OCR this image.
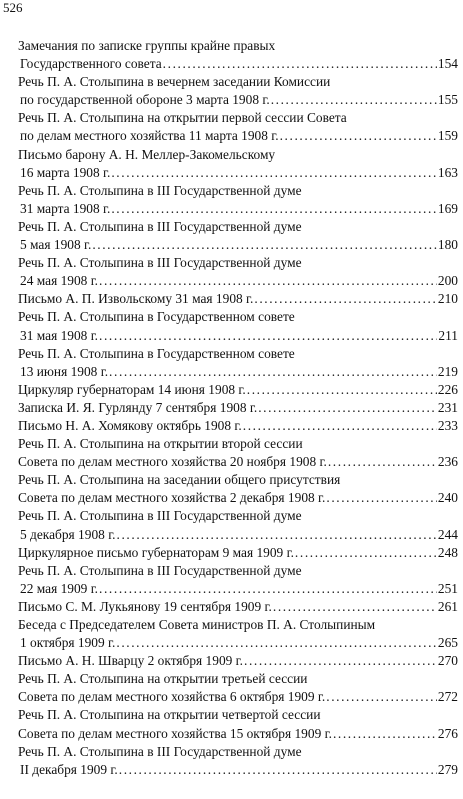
526
Замечания по записке группы крайне правых
Государственного совета .....	154
Речь П. А. Столыпина в вечернем заседании Комиссии
по государственной обороне 3 марта 1908 г. .....	155
Речь П. А. Столыпина на открытии первой сессии Совета
по делам местного хозяйства 11 марта 1908 г. .....	159
Письмо барону А. Н. Меллер-Закомельскому
16 марта 1908 г. .....	163
Речь П. А. Столыпина в III Государственной думе
31 марта 1908 г. .....	169
Речь П. А. Столыпина в III Государственной думе
5 мая 1908 г. .....	180
Речь П. А. Столыпина в III Государственной думе
24 мая 1908 г. .....	200
Письмо А. П. Извольскому 31 мая 1908 г. .....	210
Речь П. А. Столыпина в Государственном совете
31 мая 1908 г. .....	211
Речь П. А. Столыпина в Государственном совете
13 июня 1908 г. .....	219
Циркуляр губернаторам 14 июня 1908 г. .....	226
Записка И. Я. Гурлянду 7 сентября 1908 г. .....	231
Письмо Н. А. Хомякову октябрь 1908 г. .....	233
Речь П. А. Столыпина на открытии второй сессии
Совета по делам местного хозяйства 20 ноября 1908 г. .....	236
Речь П. А. Столыпина на заседании общего присутствия
Совета по делам местного хозяйства 2 декабря 1908 г. .....	240
Речь П. А. Столыпина в III Государственной думе
5 декабря 1908 г. .....	244
Циркулярное письмо губернаторам 9 мая 1909 г. .....	248
Речь П. А. Столыпина в III Государственной думе
22 мая 1909 г. .....	251
Письмо С. М. Лукьянову 19 сентября 1909 г. .....	261
Беседа с Председателем Совета министров П. А. Столыпиным
1 октября 1909 г. .....	265
Письмо А. Н. Шварцу 2 октября 1909 г. .....	270
Речь П. А. Столыпина на открытии третьей сессии
Совета по делам местного хозяйства 6 октября 1909 г. .....	272
Речь П. А. Столыпина на открытии четвертой сессии
Совета по делам местного хозяйства 15 октября 1909 г. .....	276
Речь П. А. Столыпина в III Государственной думе
II декабря 1909 г. .....	279
